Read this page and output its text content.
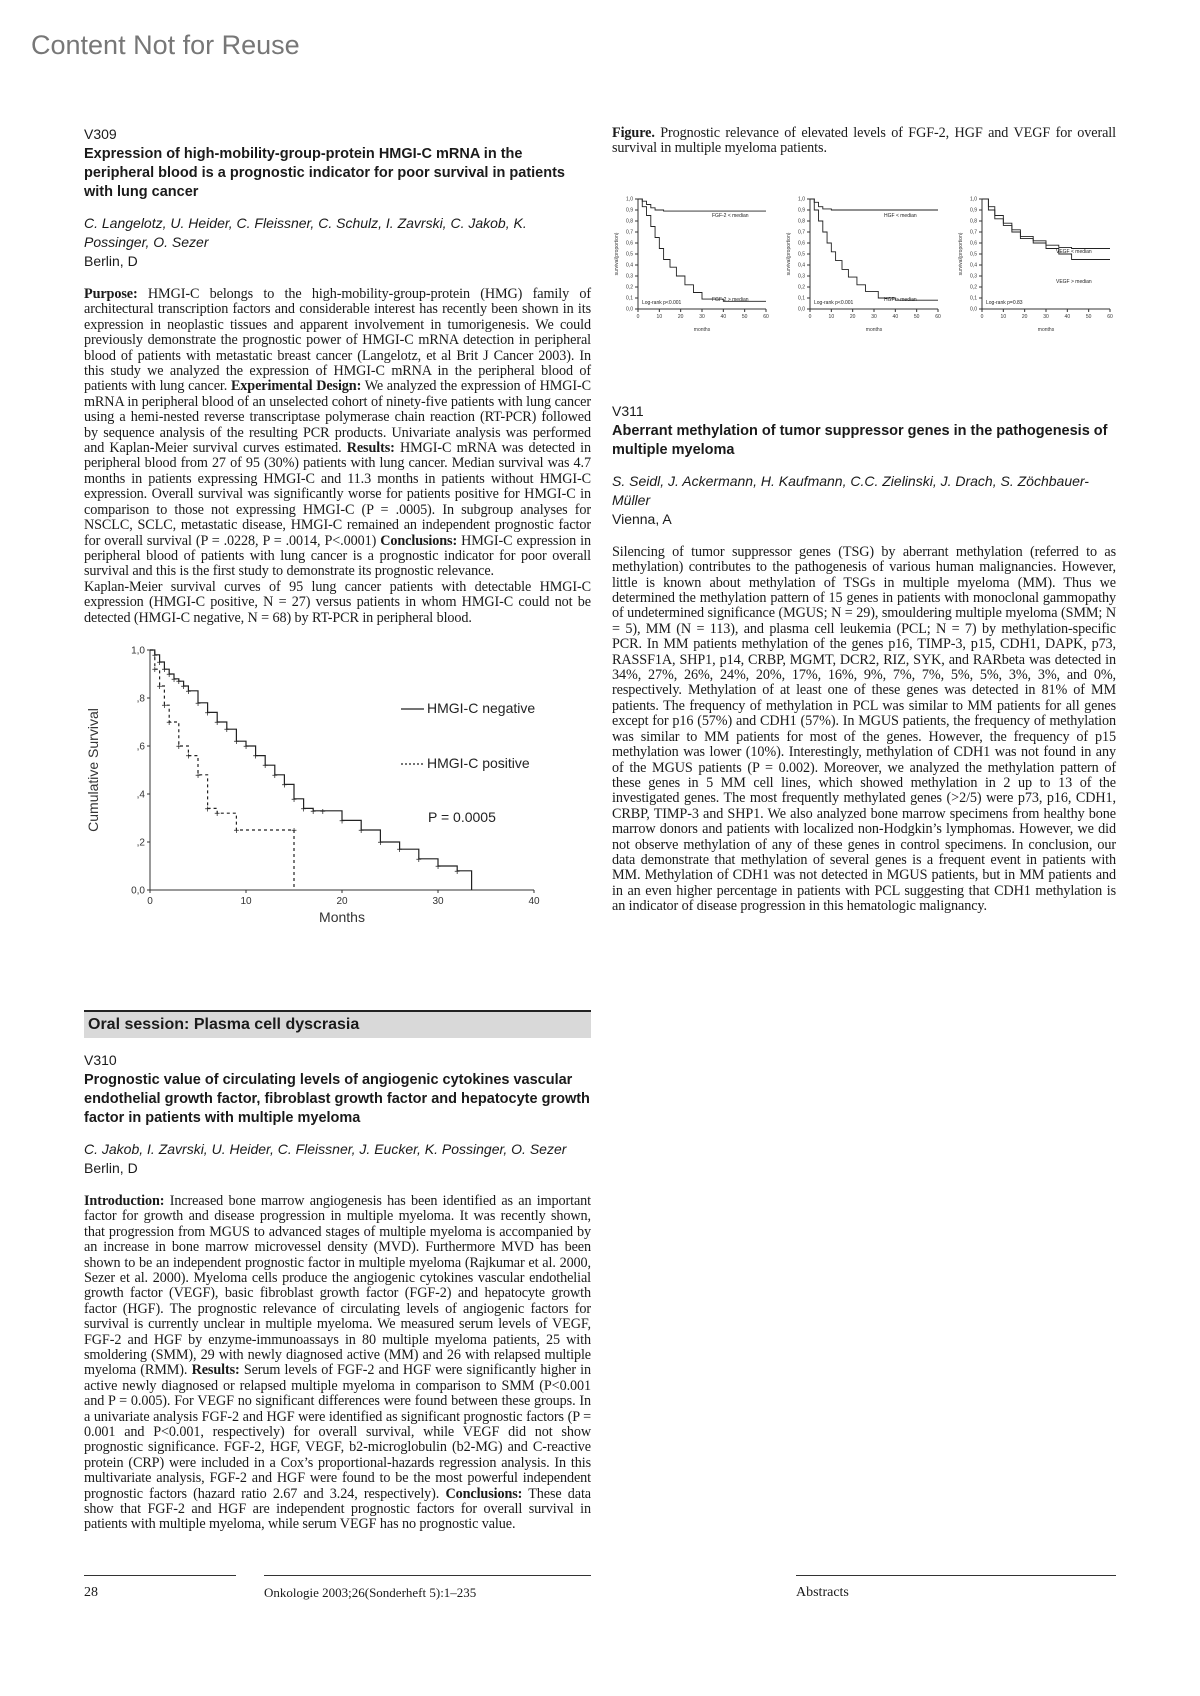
Content Not for Reuse
V309
Expression of high-mobility-group-protein HMGI-C mRNA in the peripheral blood is a prognostic indicator for poor survival in patients with lung cancer
C. Langelotz, U. Heider, C. Fleissner, C. Schulz, I. Zavrski, C. Jakob, K. Possinger, O. Sezer
Berlin, D

Purpose: HMGI-C belongs to the high-mobility-group-protein (HMG) family of architectural transcription factors and considerable interest has recently been shown in its expression in neoplastic tissues and apparent involvement in tumorigenesis. We could previously demonstrate the prognostic power of HMGI-C mRNA detection in peripheral blood of patients with metastatic breast cancer (Langelotz, et al Brit J Cancer 2003). In this study we analyzed the expression of HMGI-C mRNA in the peripheral blood of patients with lung cancer. Experimental Design: We analyzed the expression of HMGI-C mRNA in peripheral blood of an unselected cohort of ninety-five patients with lung cancer using a hemi-nested reverse transcriptase polymerase chain reaction (RT-PCR) followed by sequence analysis of the resulting PCR products. Univariate analysis was performed and Kaplan-Meier survival curves estimated. Results: HMGI-C mRNA was detected in peripheral blood from 27 of 95 (30%) patients with lung cancer. Median survival was 4.7 months in patients expressing HMGI-C and 11.3 months in patients without HMGI-C expression. Overall survival was significantly worse for patients positive for HMGI-C in comparison to those not expressing HMGI-C (P = .0005). In subgroup analyses for NSCLC, SCLC, metastatic disease, HMGI-C remained an independent prognostic factor for overall survival (P = .0228, P = .0014, P<.0001) Conclusions: HMGI-C expression in peripheral blood of patients with lung cancer is a prognostic indicator for poor overall survival and this is the first study to demonstrate its prognostic relevance.

Kaplan-Meier survival curves of 95 lung cancer patients with detectable HMGI-C expression (HMGI-C positive, N = 27) versus patients in whom HMGI-C could not be detected (HMGI-C negative, N = 68) by RT-PCR in peripheral blood.

0	10	20	30	40
0,0
,2
,4
,6
,8
1,0
Months
Cumulative Survival
+
+
+
+
+
+
+
+
+
+
+
+
+ +
+
+
+
+
+
+ + +
+
+
+
+
+
+ +
HMGI-C negative
+
+
+
+
+
+
+
+ +
+	+
HMGI-C positive
P = 0.0005
Oral session: Plasma cell dyscrasia
V310
Prognostic value of circulating levels of angiogenic cytokines vascular endothelial growth factor, fibroblast growth factor and hepatocyte growth factor in patients with multiple myeloma
C. Jakob, I. Zavrski, U. Heider, C. Fleissner, J. Eucker, K. Possinger, O. Sezer
Berlin, D

Introduction: Increased bone marrow angiogenesis has been identified as an important factor for growth and disease progression in multiple myeloma. It was recently shown, that progression from MGUS to advanced stages of multiple myeloma is accompanied by an increase in bone marrow microvessel density (MVD). Furthermore MVD has been shown to be an independent prognostic factor in multiple myeloma (Rajkumar et al. 2000, Sezer et al. 2000). Myeloma cells produce the angiogenic cytokines vascular endothelial growth factor (VEGF), basic fibroblast growth factor (FGF-2) and hepatocyte growth factor (HGF). The prognostic relevance of circulating levels of angiogenic factors for survival is currently unclear in multiple myeloma. We measured serum levels of VEGF, FGF-2 and HGF by enzyme-immunoassays in 80 multiple myeloma patients, 25 with smoldering (SMM), 29 with newly diagnosed active (MM) and 26 with relapsed multiple myeloma (RMM). Results: Serum levels of FGF-2 and HGF were significantly higher in active newly diagnosed or relapsed multiple myeloma in comparison to SMM (P<0.001 and P = 0.005). For VEGF no significant differences were found between these groups. In a univariate analysis FGF-2 and HGF were identified as significant prognostic factors (P = 0.001 and P<0.001, respectively) for overall survival, while VEGF did not show prognostic significance. FGF-2, HGF, VEGF, b2-microglobulin (b2-MG) and C-reactive protein (CRP) were included in a Cox’s proportional-hazards regression analysis. In this multivariate analysis, FGF-2 and HGF were found to be the most powerful independent prognostic factors (hazard ratio 2.67 and 3.24, respectively). Conclusions: These data show that FGF-2 and HGF are independent prognostic factors for overall survival in patients with multiple myeloma, while serum VEGF has no prognostic value.

Figure. Prognostic relevance of elevated levels of FGF-2, HGF and VEGF for overall survival in multiple myeloma patients.

0	10	20	30	40	50	60
0,0
0,1
0,2
0,3
0,4
0,5
0,6
0,7
0,8
0,9
1,0
months
survival(proportion)
FGF-2 < median
FGF-2 > median
Log-rank p<0.001
0	10	20	30	40	50	60
0,0
0,1
0,2
0,3
0,4
0,5
0,6
0,7
0,8
0,9
1,0
months
survival(proportion)
HGF < median
HGF > median
Log-rank p<0.001
0	10	20	30	40	50	60
0,0
0,1
0,2
0,3
0,4
0,5
0,6
0,7
0,8
0,9
1,0
months
survival(proportion)	VEGF < median
VEGF > median
Log-rank p=0.83
V311
Aberrant methylation of tumor suppressor genes in the pathogenesis of multiple myeloma
S. Seidl, J. Ackermann, H. Kaufmann, C.C. Zielinski, J. Drach, S. Zöchbauer-Müller
Vienna, A

Silencing of tumor suppressor genes (TSG) by aberrant methylation (referred to as methylation) contributes to the pathogenesis of various human malignancies. However, little is known about methylation of TSGs in multiple myeloma (MM). Thus we determined the methylation pattern of 15 genes in patients with monoclonal gammopathy of undetermined significance (MGUS; N = 29), smouldering multiple myeloma (SMM; N = 5), MM (N = 113), and plasma cell leukemia (PCL; N = 7) by methylation-specific PCR. In MM patients methylation of the genes p16, TIMP-3, p15, CDH1, DAPK, p73, RASSF1A, SHP1, p14, CRBP, MGMT, DCR2, RIZ, SYK, and RARbeta was detected in 34%, 27%, 26%, 24%, 20%, 17%, 16%, 9%, 7%, 7%, 5%, 5%, 3%, 3%, and 0%, respectively. Methylation of at least one of these genes was detected in 81% of MM patients. The frequency of methylation in PCL was similar to MM patients for all genes except for p16 (57%) and CDH1 (57%). In MGUS patients, the frequency of methylation was similar to MM patients for most of the genes. However, the frequency of p15 methylation was lower (10%). Interestingly, methylation of CDH1 was not found in any of the MGUS patients (P = 0.002). Moreover, we analyzed the methylation pattern of these genes in 5 MM cell lines, which showed methylation in 2 up to 13 of the investigated genes. The most frequently methylated genes (>2/5) were p73, p16, CDH1, CRBP, TIMP-3 and SHP1. We also analyzed bone marrow specimens from healthy bone marrow donors and patients with localized non-Hodgkin’s lymphomas. However, we did not observe methylation of any of these genes in control specimens. In conclusion, our data demonstrate that methylation of several genes is a frequent event in patients with MM. Methylation of CDH1 was not detected in MGUS patients, but in MM patients and in an even higher percentage in patients with PCL suggesting that CDH1 methylation is an indicator of disease progression in this hematologic malignancy.

28	Onkologie 2003;26(Sonderheft 5):1–235	Abstracts
